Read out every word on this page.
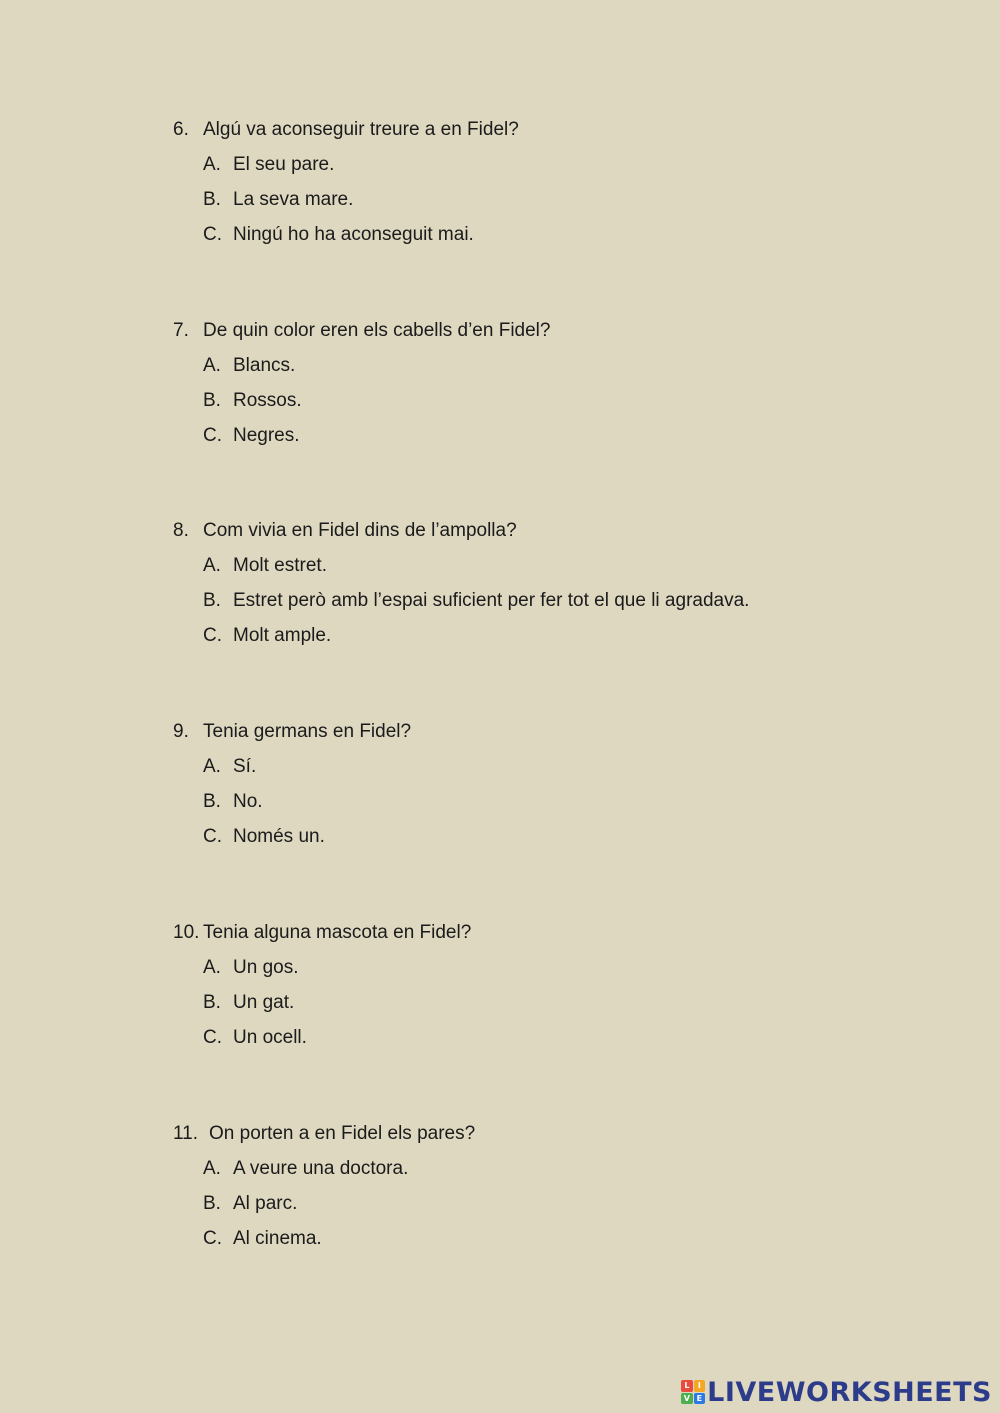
6. Algú va aconseguir treure a en Fidel?
A. El seu pare.
B. La seva mare.
C. Ningú ho ha aconseguit mai.
7. De quin color eren els cabells d’en Fidel?
A. Blancs.
B. Rossos.
C. Negres.
8. Com vivia en Fidel dins de l’ampolla?
A. Molt estret.
B. Estret però amb l’espai suficient per fer tot el que li agradava.
C. Molt ample.
9. Tenia germans en Fidel?
A. Sí.
B. No.
C. Només un.
10. Tenia alguna mascota en Fidel?
A. Un gos.
B. Un gat.
C. Un ocell.
11. On porten a en Fidel els pares?
A. A veure una doctora.
B. Al parc.
C. Al cinema.
L	I
V E LIVEWORKSHEETS
